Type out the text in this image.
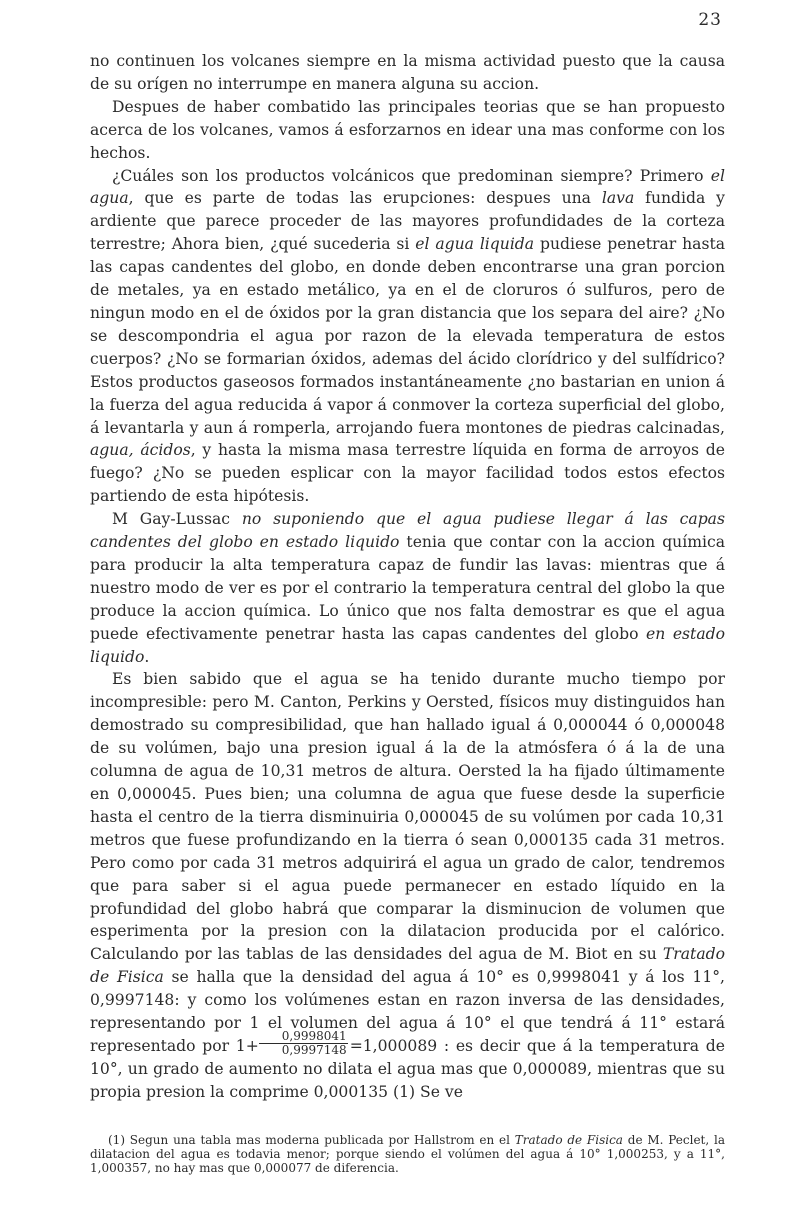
23

no continuen los volcanes siempre en la misma actividad puesto que la causa de su orígen no interrumpe en manera alguna su accion.

Despues de haber combatido las principales teorias que se han propuesto acerca de los volcanes, vamos á esforzarnos en idear una mas conforme con los hechos.

¿Cuáles son los productos volcánicos que predominan siempre? Primero el agua, que es parte de todas las erupciones: despues una lava fundida y ardiente que parece proceder de las mayores profundidades de la corteza terrestre; Ahora bien, ¿qué sucederia si el agua liquida pudiese penetrar hasta las capas candentes del globo, en donde deben encontrarse una gran porcion de metales, ya en estado metálico, ya en el de cloruros ó sulfuros, pero de ningun modo en el de óxidos por la gran distancia que los separa del aire? ¿No se descompondria el agua por razon de la elevada temperatura de estos cuerpos? ¿No se formarian óxidos, ademas del ácido clorídrico y del sulfídrico? Estos productos gaseosos formados instantáneamente ¿no bastarian en union á la fuerza del agua reducida á vapor á conmover la corteza superficial del globo, á levantarla y aun á romperla, arrojando fuera montones de piedras calcinadas, agua, ácidos, y hasta la misma masa terrestre líquida en forma de arroyos de fuego? ¿No se pueden esplicar con la mayor facilidad todos estos efectos partiendo de esta hipótesis.

M Gay-Lussac no suponiendo que el agua pudiese llegar á las capas candentes del globo en estado liquido tenia que contar con la accion química para producir la alta temperatura capaz de fundir las lavas: mientras que á nuestro modo de ver es por el contrario la temperatura central del globo la que produce la accion química. Lo único que nos falta demostrar es que el agua puede efectivamente penetrar hasta las capas candentes del globo en estado liquido.

Es bien sabido que el agua se ha tenido durante mucho tiempo por incompresible: pero M. Canton, Perkins y Oersted, físicos muy distinguidos han demostrado su compresibilidad, que han hallado igual á 0,000044 ó 0,000048 de su volúmen, bajo una presion igual á la de la atmósfera ó á la de una columna de agua de 10,31 metros de altura. Oersted la ha fijado últimamente en 0,000045. Pues bien; una columna de agua que fuese desde la superficie hasta el centro de la tierra disminuiria 0,000045 de su volúmen por cada 10,31 metros que fuese profundizando en la tierra ó sean 0,000135 cada 31 metros. Pero como por cada 31 metros adquirirá el agua un grado de calor, tendremos que para saber si el agua puede permanecer en estado líquido en la profundidad del globo habrá que comparar la disminucion de volumen que esperimenta por la presion con la dilatacion producida por el calórico. Calculando por las tablas de las densidades del agua de M. Biot en su Tratado de Fisica se halla que la densidad del agua á 10° es 0,9998041 y á los 11°, 0,9997148: y como los volúmenes estan en razon inversa de las densidades, representando por 1 el volumen del agua á 10° el que tendrá á 11° estará representado por $1+ \frac{0,9998041}{0,9997148} =1,000089$ : es decir que á la temperatura de 10°, un grado de aumento no dilata el agua mas que 0,000089, mientras que su propia presion la comprime 0,000135 (1) Se ve

(1) Segun una tabla mas moderna publicada por Hallstrom en el Tratado de Fisica de M. Peclet, la dilatacion del agua es todavia menor; porque siendo el volúmen del agua á 10° 1,000253, y a 11°, 1,000357, no hay mas que 0,000077 de diferencia.
